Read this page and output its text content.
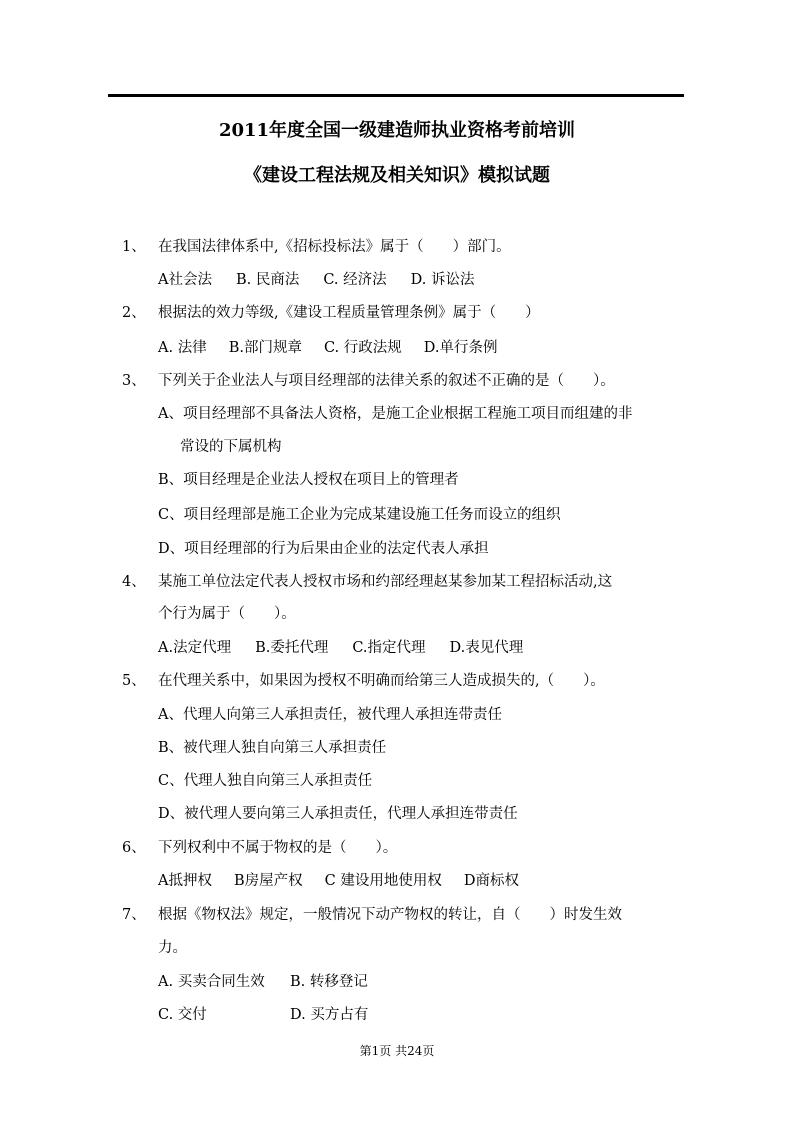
2011年度全国一级建造师执业资格考前培训
《建设工程法规及相关知识》模拟试题
1、 在我国法律体系中,《招标投标法》属于（　　）部门。
A社会法 B. 民商法 C. 经济法 D. 诉讼法
2、 根据法的效力等级,《建设工程质量管理条例》属于（　　）
A. 法律 B.部门规章 C. 行政法规 D.单行条例
3、 下列关于企业法人与项目经理部的法律关系的叙述不正确的是（　　）。
A、项目经理部不具备法人资格，是施工企业根据工程施工项目而组建的非
常设的下属机构
B、项目经理是企业法人授权在项目上的管理者
C、项目经理部是施工企业为完成某建设施工任务而设立的组织
D、项目经理部的行为后果由企业的法定代表人承担
4、 某施工单位法定代表人授权市场和约部经理赵某参加某工程招标活动,这
个行为属于（　　）。
A.法定代理 B.委托代理 C.指定代理 D.表见代理
5、 在代理关系中，如果因为授权不明确而给第三人造成损失的,（　　）。
A、代理人向第三人承担责任，被代理人承担连带责任
B、被代理人独自向第三人承担责任
C、代理人独自向第三人承担责任
D、被代理人要向第三人承担责任，代理人承担连带责任
6、 下列权利中不属于物权的是（　　）。
A抵押权 B房屋产权 C 建设用地使用权 D商标权
7、 根据《物权法》规定，一般情况下动产物权的转让，自（　　）时发生效
力。
A. 买卖合同生效 B. 转移登记
C. 交付	D. 买方占有
第1页 共24页
